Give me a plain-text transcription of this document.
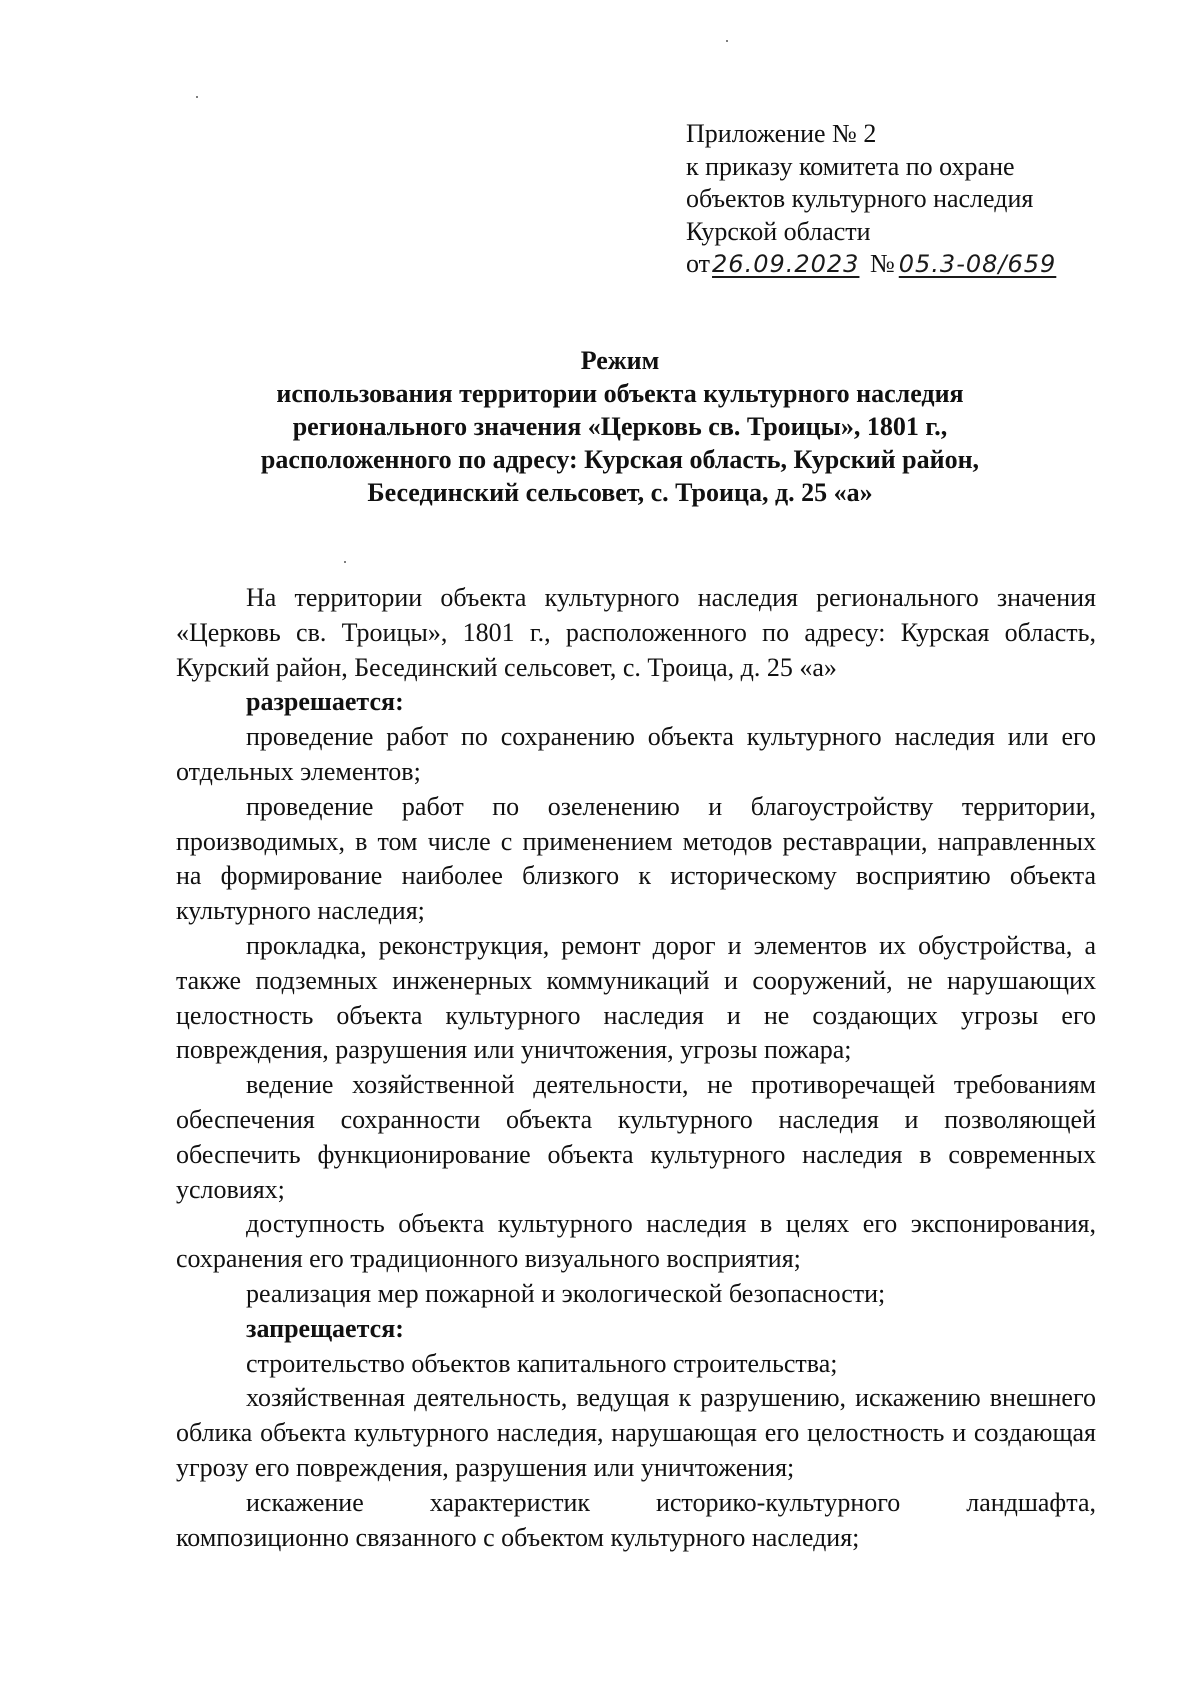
Приложение № 2
к приказу комитета по охране
объектов культурного наследия
Курской области
от26.09.2023 № 05.3-08/659
Режим
использования территории объекта культурного наследия
регионального значения «Церковь св. Троицы», 1801 г.,
расположенного по адресу: Курская область, Курский район,
Бесединский сельсовет, с. Троица, д. 25 «а»

На территории объекта культурного наследия регионального значения «Церковь св. Троицы», 1801 г., расположенного по адресу: Курская область, Курский район, Бесединский сельсовет, с. Троица, д. 25 «а»

разрешается:

проведение работ по сохранению объекта культурного наследия или его отдельных элементов;

проведение работ по озеленению и благоустройству территории, производимых, в том числе с применением методов реставрации, направленных на формирование наиболее близкого к историческому восприятию объекта культурного наследия;

прокладка, реконструкция, ремонт дорог и элементов их обустройства, а также подземных инженерных коммуникаций и сооружений, не нарушающих целостность объекта культурного наследия и не создающих угрозы его повреждения, разрушения или уничтожения, угрозы пожара;

ведение хозяйственной деятельности, не противоречащей требованиям обеспечения сохранности объекта культурного наследия и позволяющей обеспечить функционирование объекта культурного наследия в современных условиях;

доступность объекта культурного наследия в целях его экспонирования, сохранения его традиционного визуального восприятия;

реализация мер пожарной и экологической безопасности;

запрещается:

строительство объектов капитального строительства;

хозяйственная деятельность, ведущая к разрушению, искажению внешнего облика объекта культурного наследия, нарушающая его целостность и создающая угрозу его повреждения, разрушения или уничтожения;

искажение характеристик историко-культурного ландшафта, композиционно связанного с объектом культурного наследия;
